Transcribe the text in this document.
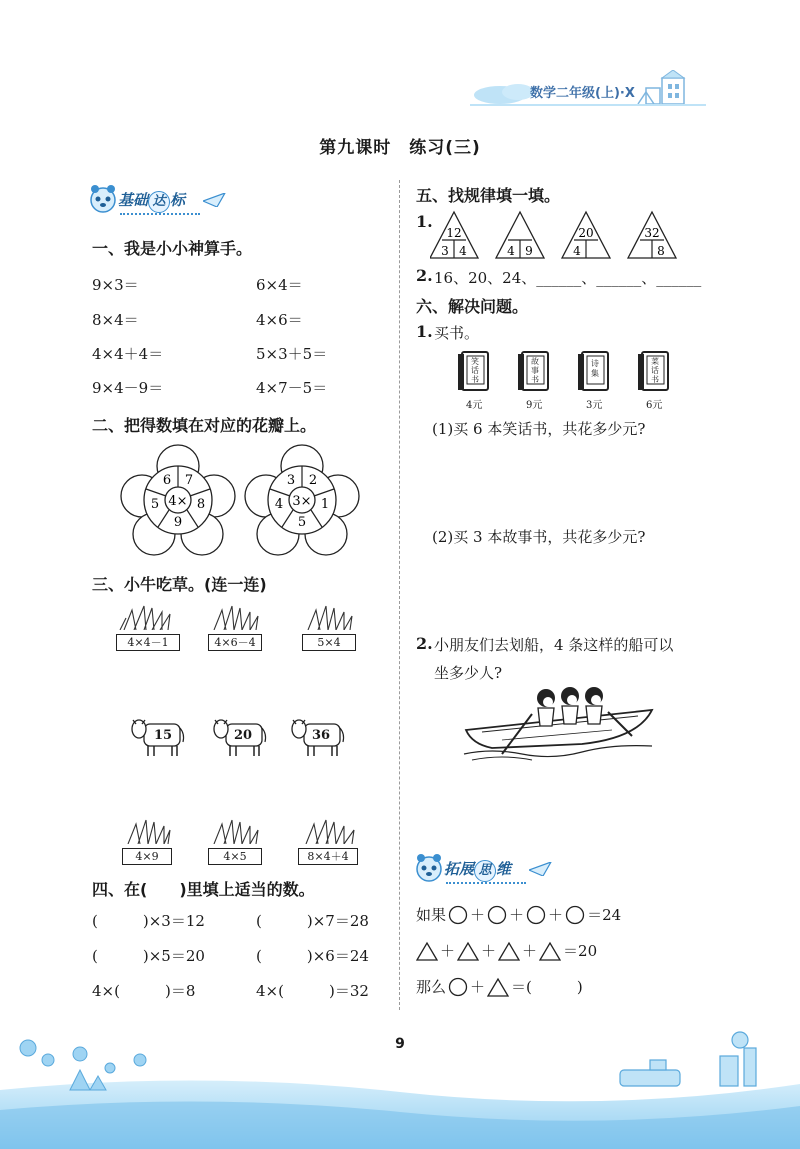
数学二年级(上)·X
第九课时　练习(三)
基础 达 标
一、我是小小神算手。
9×3＝	6×4＝
8×4＝	4×6＝
4×4＋4＝	5×3＋5＝
9×4－9＝	4×7－5＝
二、把得数填在对应的花瓣上。
4×
6 7
8
9
5	3×
3 2
1
5
4
三、小牛吃草。(连一连)
4×4－1	4×6－4	5×4
15	20	36
4×9	4×5	8×4＋4
四、在(　　)里填上适当的数。
(　　　)×3＝12	(　　　)×7＝28
(　　　)×5＝20	(　　　)×6＝24
4×(　　　)＝8	4×(　　　)＝32
五、找规律填一填。
1.
12
3 4	4 9
20
4
32
8
2. 16、20、24、______、______、______
六、解决问题。
1. 买书。
笑话书
4元
故事书
9元
诗集
3元
菜话书
6元
(1)买 6 本笑话书，共花多少元?
(2)买 3 本故事书，共花多少元?
2. 小朋友们去划船，4 条这样的船可以
坐多少人?
拓展 思 维
如果 ＋ ＋ ＋ ＝24
＋ ＋ ＋ ＝20
那么 ＋ ＝(　　　)
9
